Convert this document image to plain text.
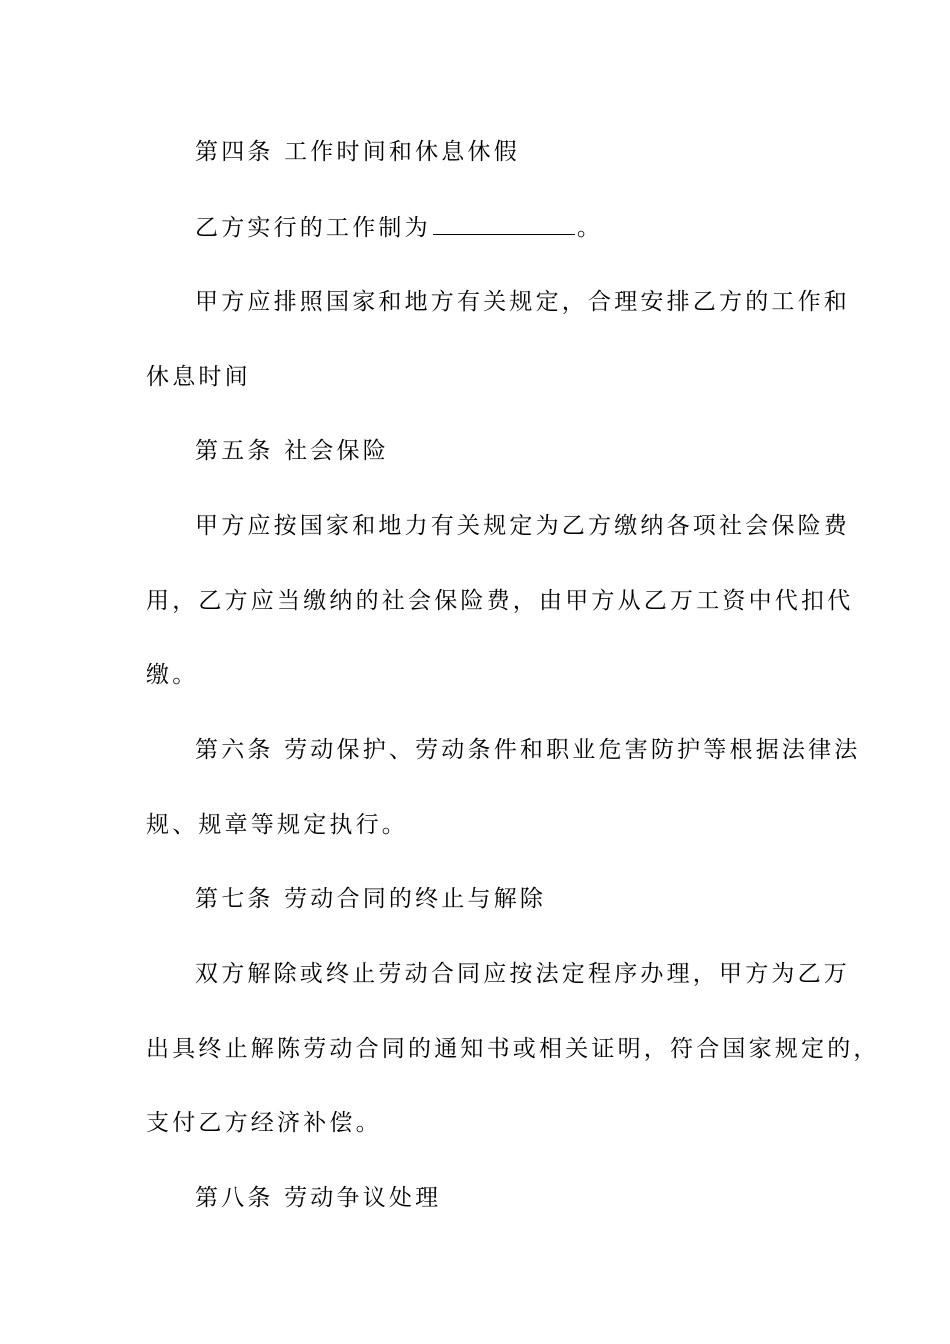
第四条 工作时间和休息休假
乙方实行的工作制为	。
甲方应排照国家和地方有关规定，合理安排乙方的工作和
休息时间
第五条 社会保险
甲方应按国家和地力有关规定为乙方缴纳各项社会保险费
用，乙方应当缴纳的社会保险费，由甲方从乙万工资中代扣代
缴。
第六条 劳动保护、劳动条件和职业危害防护等根据法律法
规、规章等规定执行。
第七条 劳动合同的终止与解除
双方解除或终止劳动合同应按法定程序办理，甲方为乙万
出具终止解陈劳动合同的通知书或相关证明，符合国家规定的，
支付乙方经济补偿。
第八条 劳动争议处理
